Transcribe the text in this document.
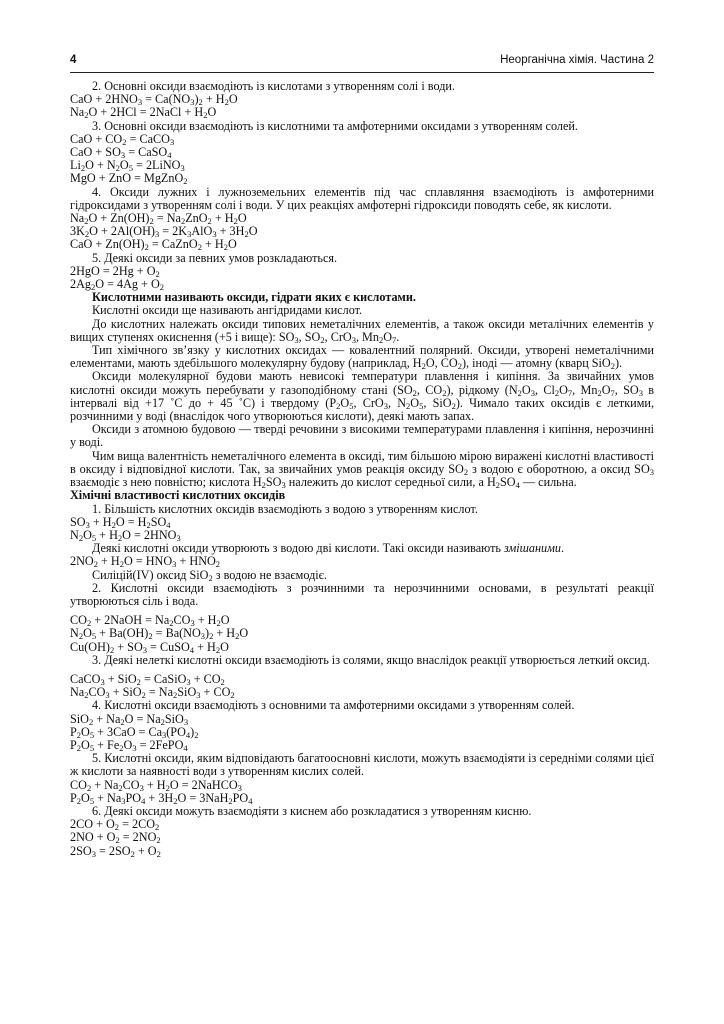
4	Неорганічна хімія. Частина 2

2. Основні оксиди взаємодіють із кислотами з утворенням солі і води.

CaO + $2HNO_3 = Ca(NO_3)_2 + H_2O$

$Na_2O + 2HCl$ = 2NaCl + $H_2O$

3. Основні оксиди взаємодіють із кислотними та амфотерними оксидами з утворенням солей.

CaO + $CO_2$ = CaCO$_3$

CaO + $SO_3$ = CaSO$_4$

$Li_2O + N_2O_5$ = 2LiNO$_3$

MgO + ZnO = MgZnO$_2$

4. Оксиди лужних і лужноземельних елементів під час сплавляння взаємодіють із амфотерними гідроксидами з утворенням солі і води. У цих реакціях амфотерні гідроксиди поводять себе, як кислоти.

$Na_2O + Zn(OH)_2 = Na_2ZnO_2 + H_2O$

$3K_2O + 2Al(OH)_3 = 2K_3AlO_3 + 3H_2O$

CaO + $Zn(OH)_2$ = CaZnO$_2$ + $H_2O$

5. Деякі оксиди за певних умов розкладаються.

$2HgO = 2Hg + O_2$

$2Ag_2O = 4Ag + O_2$

Кислотними називають оксиди, гідрати яких є кислотами.

Кислотні оксиди ще називають ангідридами кислот.

До кислотних належать оксиди типових неметалічних елементів, а також оксиди металічних елементів у вищих ступенях окиснення (+5 і вище): $SO_3$, $SO_2$, CrO$_3$, $Mn_2O_7$.

Тип хімічного зв’язку у кислотних оксидах — ковалентний полярний. Оксиди, утворені неметалічними елементами, мають здебільшого молекулярну будову (наприклад, $H_2O$, $CO_2$), іноді — атомну (кварц SiO$_2$).

Оксиди молекулярної будови мають невисокі температури плавлення і кипіння. За звичайних умов кислотні оксиди можуть перебувати у газоподібному стані ($SO_2$, $CO_2$), рідкому ($N_2O_3$, $Cl_2O_7$, $Mn_2O_7$, $SO_3$ в інтервалі від +17 ˚С до + 45 ˚С) і твердому ($P_2O_5$, CrO$_3$, $N_2O_5$, SiO$_2$). Чимало таких оксидів є леткими, розчинними у воді (внаслідок чого утворюються кислоти), деякі мають запах.

Оксиди з атомною будовою — тверді речовини з високими температурами плавлення і кипіння, нерозчинні у воді.

Чим вища валентність неметалічного елемента в оксиді, тим більшою мірою виражені кислотні властивості в оксиду і відповідної кислоти. Так, за звичайних умов реакція оксиду $SO_2$ з водою є оборотною, а оксид $SO_3$ взаємодіє з нею повністю; кислота $H_2SO_3$ належить до кислот середньої сили, а $H_2SO_4$ — сильна.

Хімічні властивості кислотних оксидів

1. Більшість кислотних оксидів взаємодіють з водою з утворенням кислот.

$SO_3 + H_2O = H_2SO_4$

$N_2O_5 + H_2O = 2HNO_3$

Деякі кислотні оксиди утворюють з водою дві кислоти. Такі оксиди називають змішаними.

$2NO_2 + H_2O = HNO_3 + HNO_2$

Силіцій(IV) оксид SiO$_2$ з водою не взаємодіє.

2. Кислотні оксиди взаємодіють з розчинними та нерозчинними основами, в результаті реакції утворюються сіль і вода.

$CO_2$ + 2NaOH = $Na_2CO_3 + H_2O$

$N_2O_5 + Ba(OH)_2 = Ba(NO_3)_2 + H_2O$

$Cu(OH)_2 + SO_3$ = CuSO$_4$ + $H_2O$

3. Деякі нелеткі кислотні оксиди взаємодіють із солями, якщо внаслідок реакції утворюється леткий оксид.

CaCO$_3$ + SiO$_2$ = CaSiO$_3$ + $CO_2$

$Na_2CO_3 + SiO_2 = Na_2SiO_3 + CO_2$

4. Кислотні оксиди взаємодіють з основними та амфотерними оксидами з утворенням солей.

$SiO_2 + Na_2O = Na_2SiO_3$

$P_2O_5 + 3CaO = Ca_3(PO_4)_2$

$P_2O_5 + Fe_2O_3$ = 2FePO$_4$

5. Кислотні оксиди, яким відповідають багатоосновні кислоти, можуть взаємодіяти із середніми солями цієї ж кислоти за наявності води з утворенням кислих солей.

$CO_2 + Na_2CO_3 + H_2O$ = 2NaHCO$_3$

$P_2O_5 + Na_3PO_4 + 3H_2O = 3NaH_2PO_4$

6. Деякі оксиди можуть взаємодіяти з киснем або розкладатися з утворенням кисню.

$2CO + O_2 = 2CO_2$

$2NO + O_2 = 2NO_2$

$2SO_3 = 2SO_2 + O_2$
